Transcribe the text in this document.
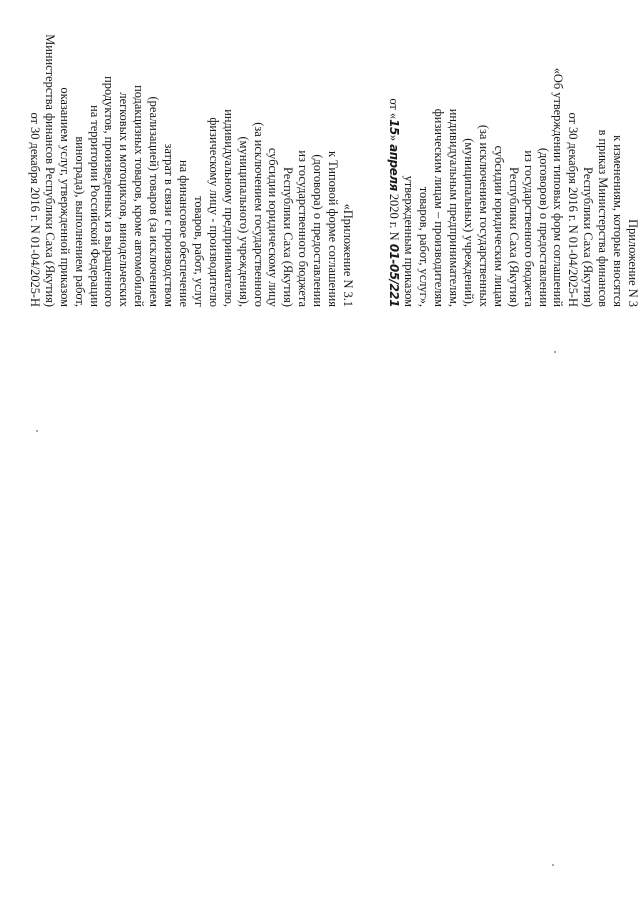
Приложение N 3
к изменениям, которые вносятся
в приказ Министерства финансов
Республики Саха (Якутия)
от 30 декабря 2016 г. N 01-04/2025-Н
«Об утверждении типовых форм соглашений
(договоров) о предоставлении
из государственного бюджета
Республики Саха (Якутия)
субсидии юридическим лицам
(за исключением государственных
(муниципальных) учреждений),
индивидуальным предпринимателям,
физическим лицам – производителям
товаров, работ, услуг»,
утвержденным приказом
от «15» апреля 2020 г. N 01-05/221
«Приложение N 3.1
к Типовой форме соглашения
(договора) о предоставлении
из государственного бюджета
Республики Саха (Якутия)
субсидии юридическому лицу
(за исключением государственного
(муниципального) учреждения),
индивидуальному предпринимателю,
физическому лицу - производителю
товаров, работ, услуг
на финансовое обеспечение
затрат в связи с производством
(реализацией) товаров (за исключением
подакцизных товаров, кроме автомобилей
легковых и мотоциклов, винодельческих
продуктов, произведенных из выращенного
на территории Российской Федерации
винограда), выполнением работ,
оказанием услуг, утвержденной приказом
Министерства финансов Республики Саха (Якутия)
от 30 декабря 2016 г. N 01-04/2025-Н
